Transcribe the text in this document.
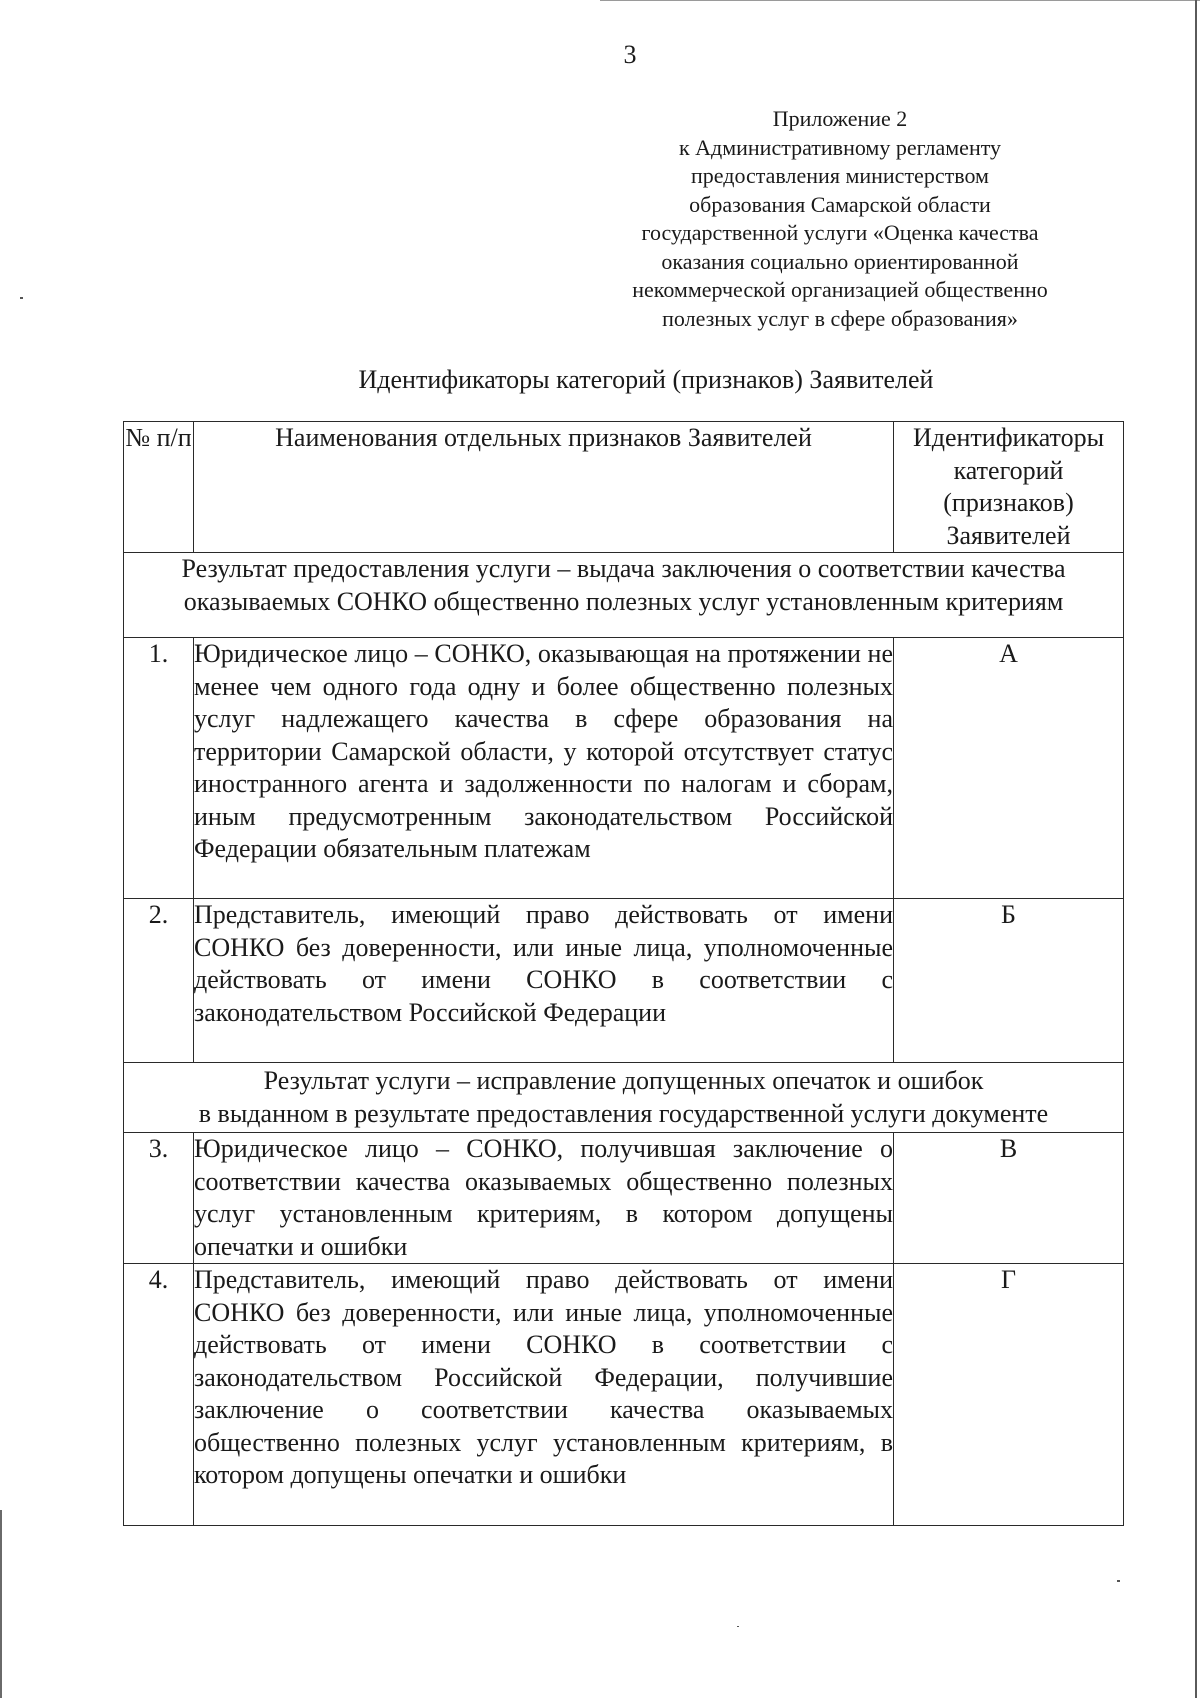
3
Приложение 2
к Административному регламенту
предоставления министерством
образования Самарской области
государственной услуги «Оценка качества
оказания социально ориентированной
некоммерческой организацией общественно
полезных услуг в сфере образования»
Идентификаторы категорий (признаков) Заявителей
№ п/п	Наименования отдельных признаков Заявителей	Идентификаторы категорий (признаков) Заявителей

Результат предоставления услуги – выдача заключения о соответствии качества
оказываемых СОНКО общественно полезных услуг установленным критериям		

1.	Юридическое лицо – СОНКО, оказывающая на протяжении не менее чем одного года одну и более общественно полезных услуг надлежащего качества в сфере образования на территории Самарской области, у которой отсутствует статус иностранного агента и задолженности по налогам и сборам, иным предусмотренным законодательством Российской Федерации обязательным платежам	А
2.	Представитель, имеющий право действовать от имени СОНКО без доверенности, или иные лица, уполномоченные действовать от имени СОНКО в соответствии с законодательством Российской Федерации	Б

Результат услуги – исправление допущенных опечаток и ошибок
в выданном в результате предоставления государственной услуги документе		

3.	Юридическое лицо – СОНКО, получившая заключение о соответствии качества оказываемых общественно полезных услуг установленным критериям, в котором допущены опечатки и ошибки	В
4.	Представитель, имеющий право действовать от имени СОНКО без доверенности, или иные лица, уполномоченные действовать от имени СОНКО в соответствии с законодательством Российской Федерации, получившие заключение о соответствии качества оказываемых общественно полезных услуг установленным критериям, в котором допущены опечатки и ошибки	Г
